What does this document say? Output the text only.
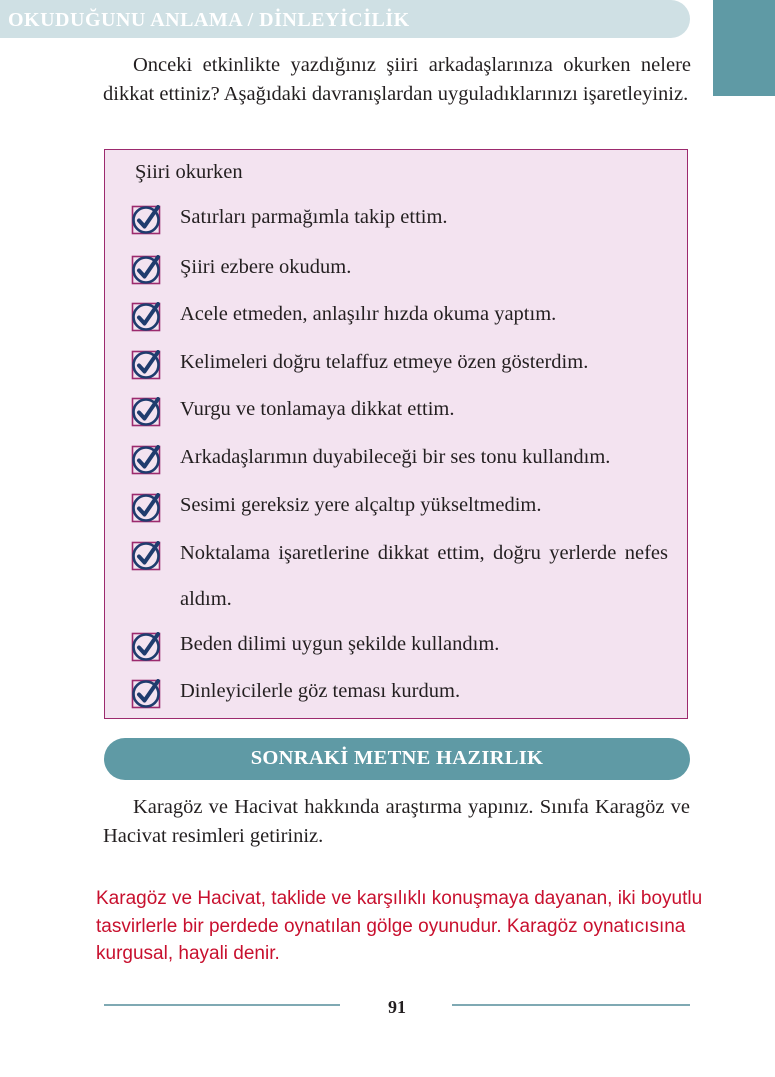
OKUDUĞUNU ANLAMA / DİNLEYİCİLİK

Onceki etkinlikte yazdığınız şiiri arkadaşlarınıza okurken nelere dikkat ettiniz? Aşağıdaki davranışlardan uyguladıklarınızı işaretleyiniz.

Şiiri okurken
Satırları parmağımla takip ettim.
Şiiri ezbere okudum.
Acele etmeden, anlaşılır hızda okuma yaptım.
Kelimeleri doğru telaffuz etmeye özen gösterdim.
Vurgu ve tonlamaya dikkat ettim.
Arkadaşlarımın duyabileceği bir ses tonu kullandım.
Sesimi gereksiz yere alçaltıp yükseltmedim.
Noktalama işaretlerine dikkat ettim, doğru yerlerde nefes aldım.
Beden dilimi uygun şekilde kullandım.
Dinleyicilerle göz teması kurdum.
SONRAKİ METNE HAZIRLIK

Karagöz ve Hacivat hakkında araştırma yapınız. Sınıfa Karagöz ve Hacivat resimleri getiriniz.

Karagöz ve Hacivat, taklide ve karşılıklı konuşmaya dayanan, iki boyutlu tasvirlerle bir perdede oynatılan gölge oyunudur. Karagöz oynatıcısına kurgusal, hayali denir.
91
